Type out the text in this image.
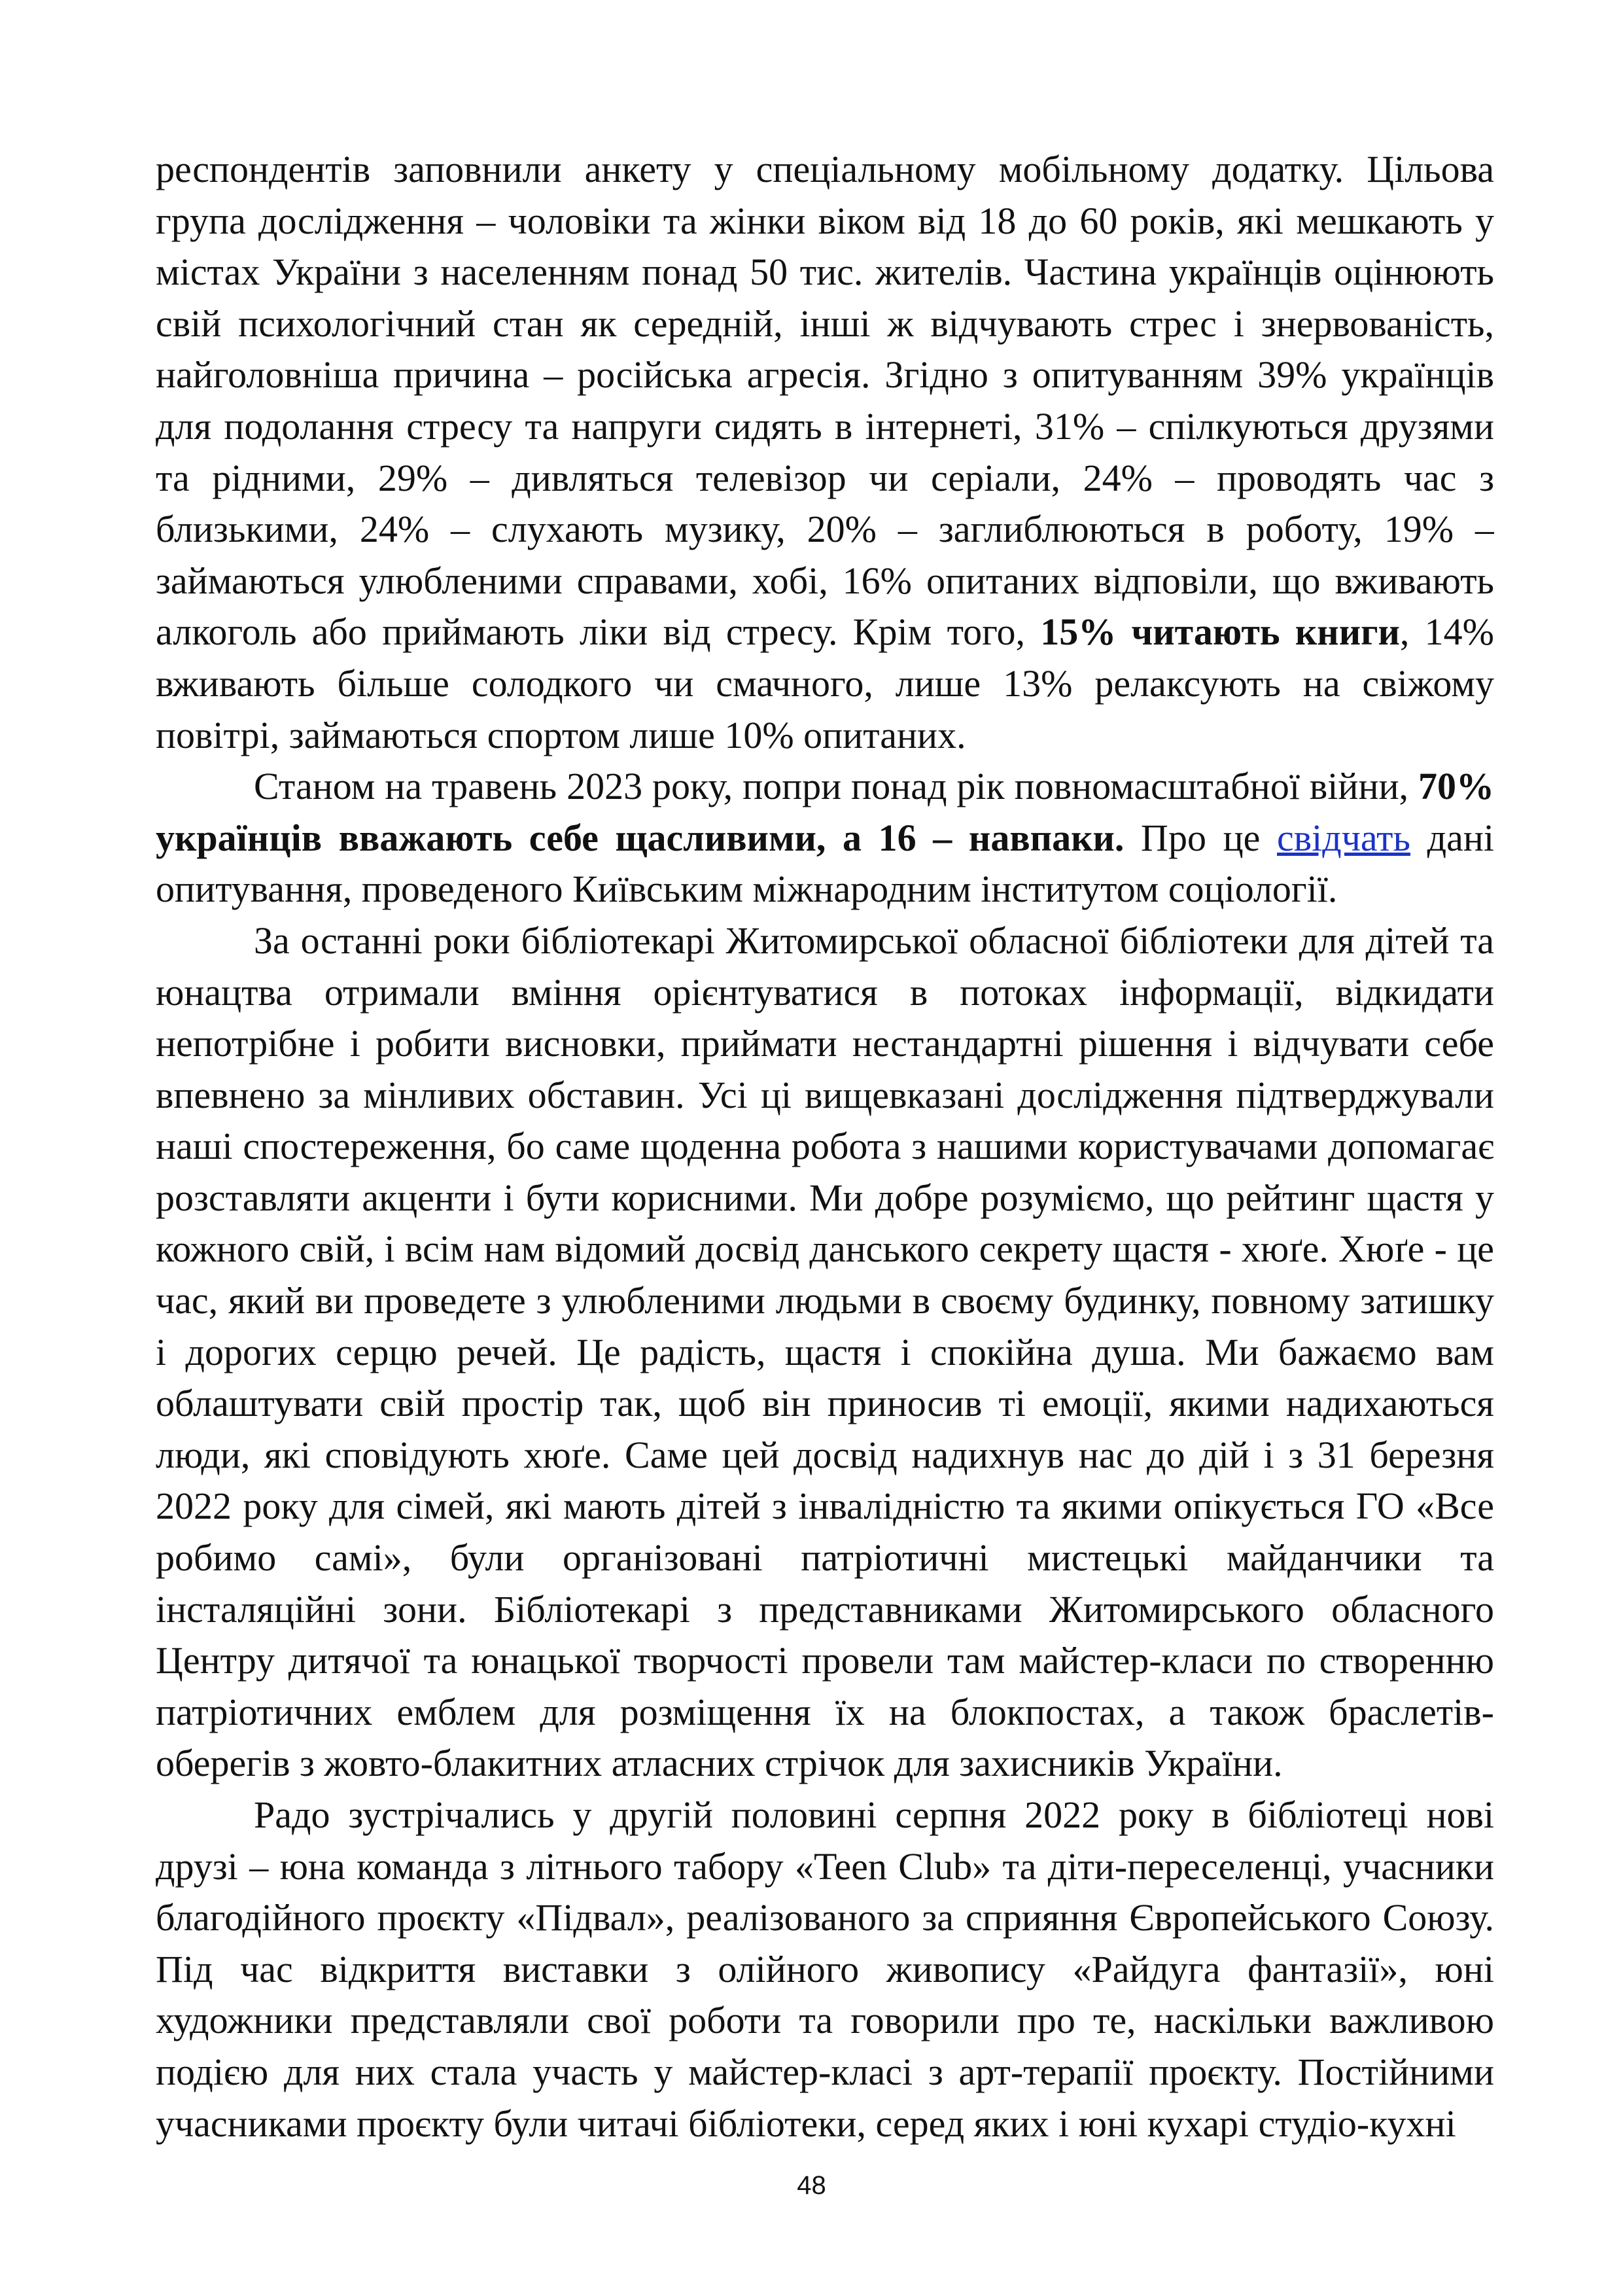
респондентів заповнили анкету у спеціальному мобільному додатку. Цільова група дослідження – чоловіки та жінки віком від 18 до 60 років, які мешкають у містах України з населенням понад 50 тис. жителів. Частина українців оцінюють свій психологічний стан як середній, інші ж відчувають стрес і знервованість, найголовніша причина – російська агресія. Згідно з опитуванням 39% українців для подолання стресу та напруги сидять в інтернеті, 31% – спілкуються друзями та рідними, 29% – дивляться телевізор чи серіали, 24% – проводять час з близькими, 24% – слухають музику, 20% – заглиблюються в роботу, 19% – займаються улюбленими справами, хобі, 16% опитаних відповіли, що вживають алкоголь або приймають ліки від стресу. Крім того, 15% читають книги, 14% вживають більше солодкого чи смачного, лише 13% релаксують на свіжому повітрі, займаються спортом лише 10% опитаних.

Станом на травень 2023 року, попри понад рік повномасштабної війни, 70% українців вважають себе щасливими, а 16 – навпаки. Про це свідчать дані опитування, проведеного Київським міжнародним інститутом соціології.

За останні роки бібліотекарі Житомирської обласної бібліотеки для дітей та юнацтва отримали вміння орієнтуватися в потоках інформації, відкидати непотрібне і робити висновки, приймати нестандартні рішення і відчувати себе впевнено за мінливих обставин. Усі ці вищевказані дослідження підтверджували наші спостереження, бо саме щоденна робота з нашими користувачами допомагає розставляти акценти і бути корисними. Ми добре розуміємо, що рейтинг щастя у кожного свій, і всім нам відомий досвід данського секрету щастя - хюґе. Хюґе - це час, який ви проведете з улюбленими людьми в своєму будинку, повному затишку і дорогих серцю речей. Це радість, щастя і спокійна душа. Ми бажаємо вам облаштувати свій простір так, щоб він приносив ті емоції, якими надихаються люди, які сповідують хюґе. Саме цей досвід надихнув нас до дій і з 31 березня 2022 року для сімей, які мають дітей з інвалідністю та якими опікується ГО «Все робимо самі», були організовані патріотичні мистецькі майданчики та інсталяційні зони. Бібліотекарі з представниками Житомирського обласного Центру дитячої та юнацької творчості провели там майстер-класи по створенню патріотичних емблем для розміщення їх на блокпостах, а також браслетів-оберегів з жовто-блакитних атласних стрічок для захисників України.

Радо зустрічались у другій половині серпня 2022 року в бібліотеці нові друзі – юна команда з літнього табору «Teen Club» та діти-переселенці, учасники благодійного проєкту «Підвал», реалізованого за сприяння Європейського Союзу. Під час відкриття виставки з олійного живопису «Райдуга фантазії», юні художники представляли свої роботи та говорили про те, наскільки важливою подією для них стала участь у майстер-класі з арт-терапії проєкту. Постійними учасниками проєкту були читачі бібліотеки, серед яких і юні кухарі студіо-кухні

48
